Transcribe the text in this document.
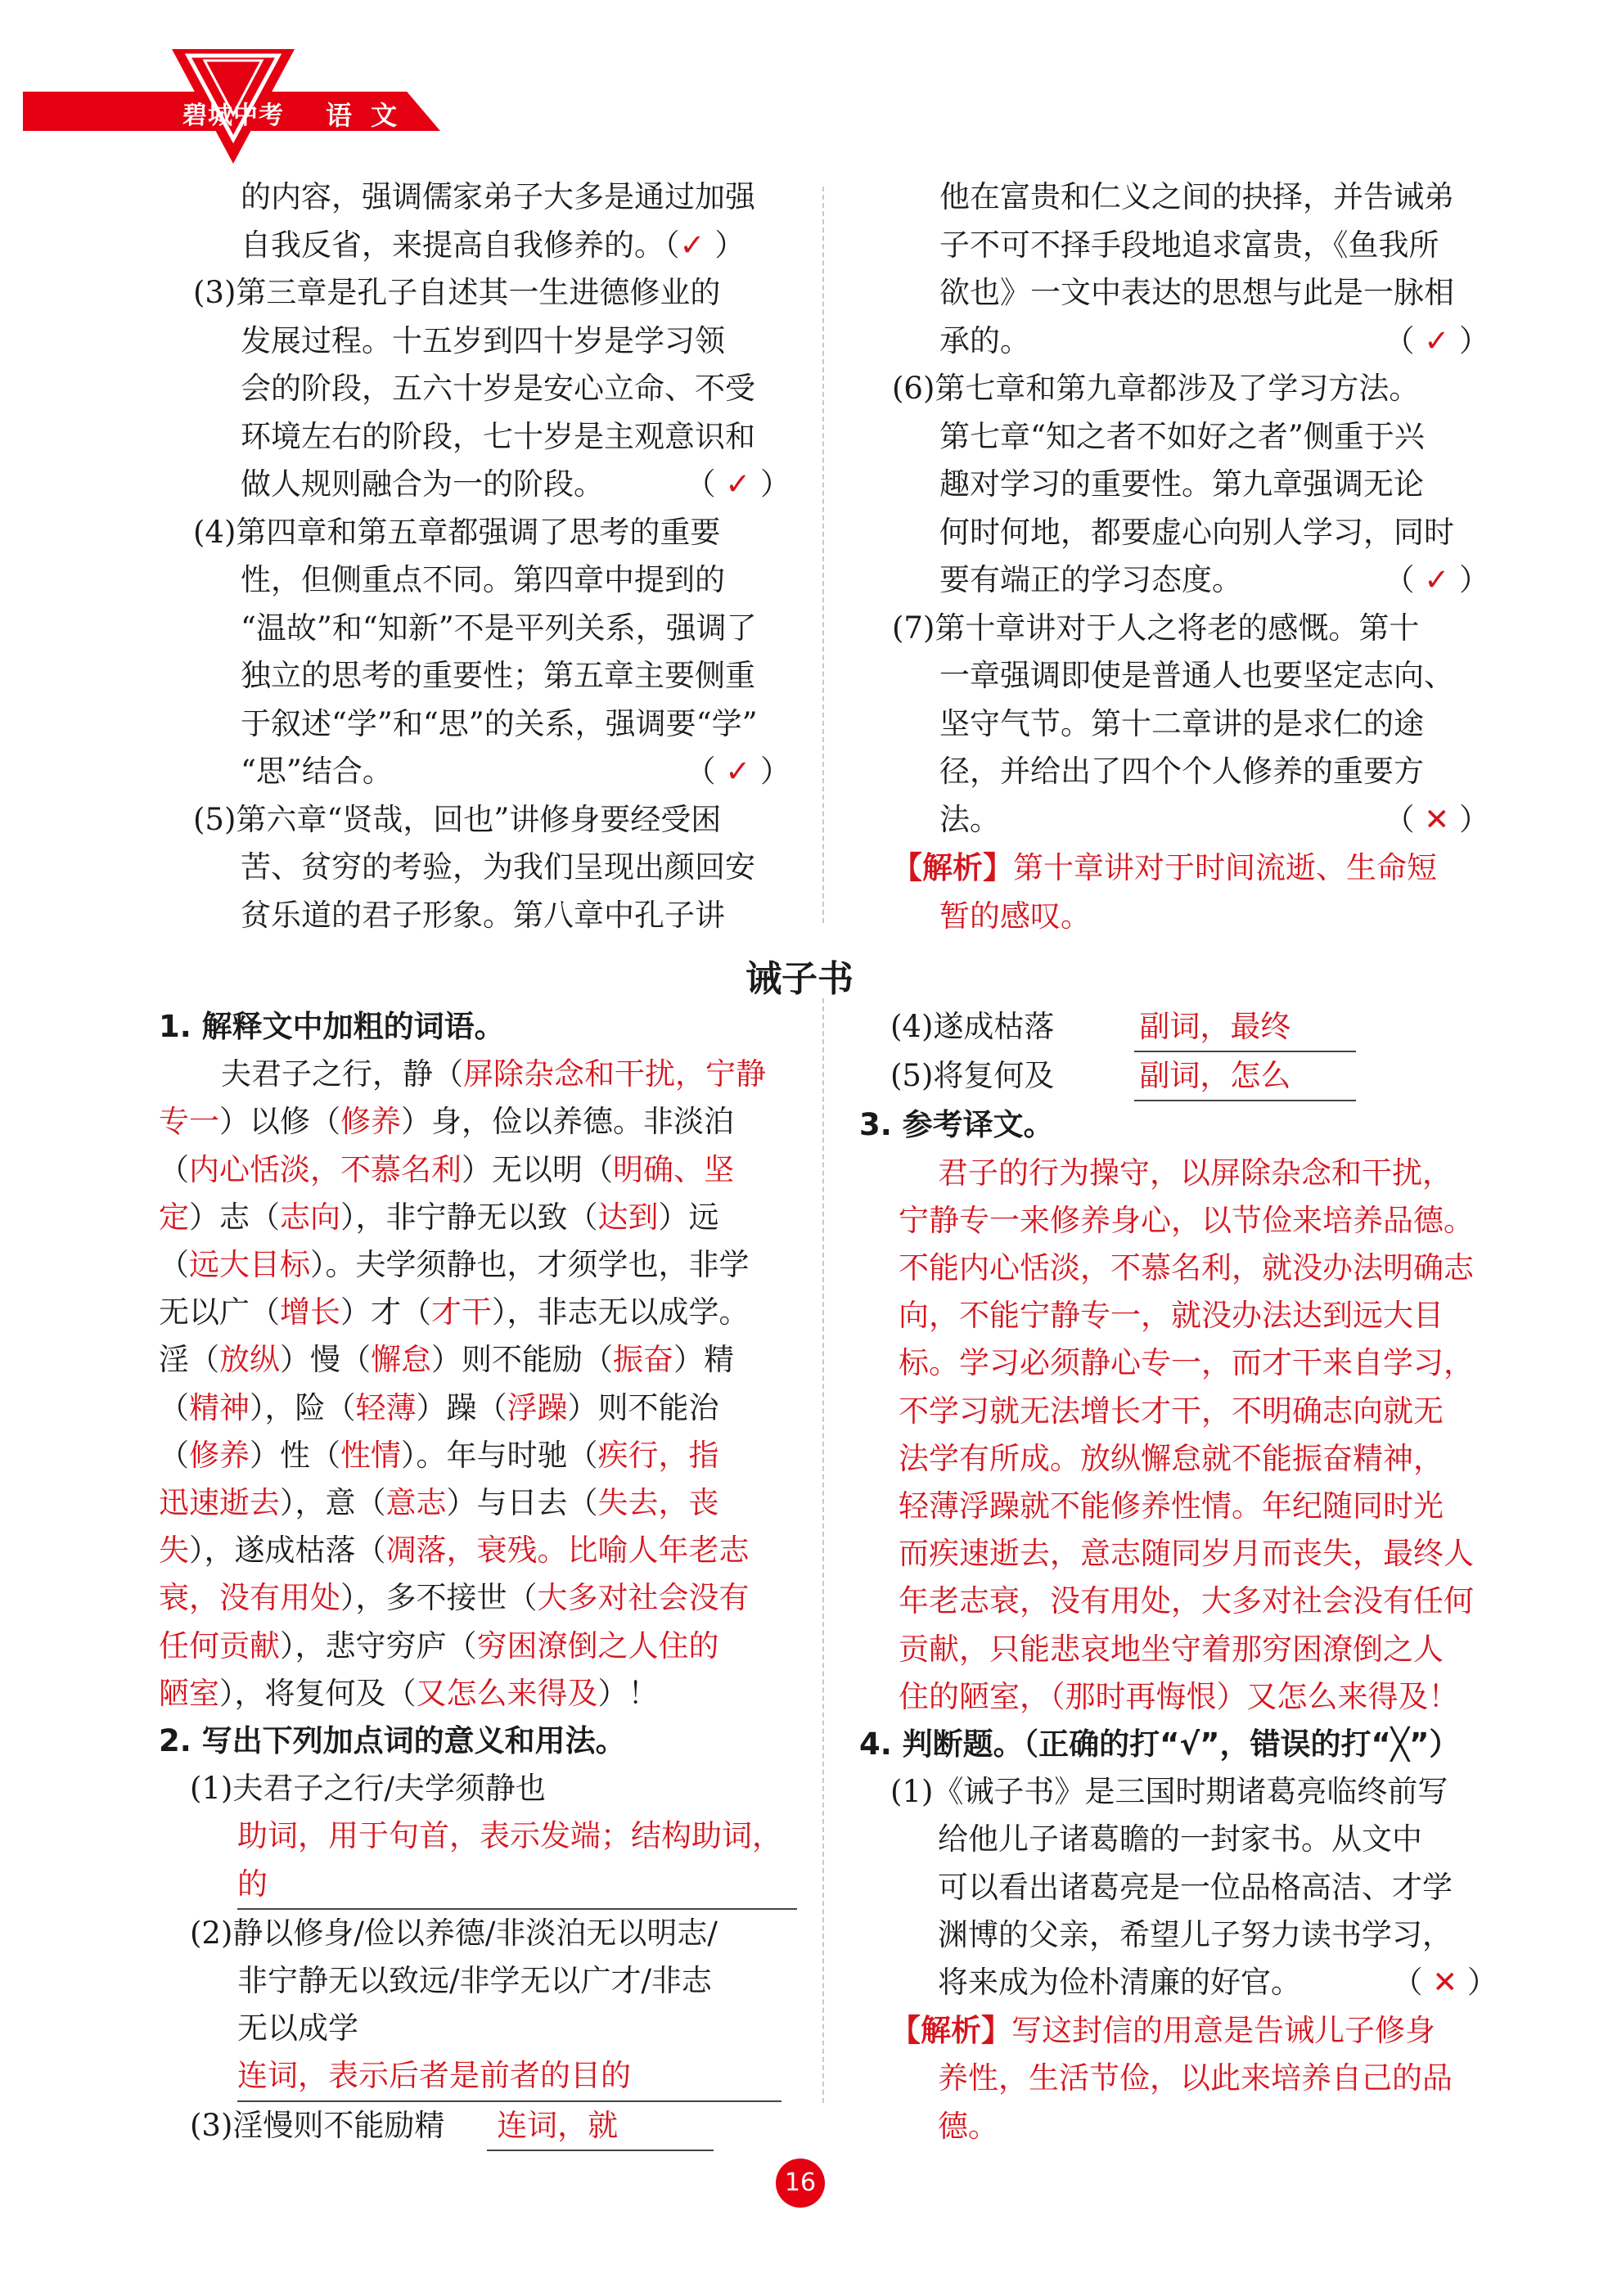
碧城中考	语 文

的内容，强调儒家弟子大多是通过加强

自我反省，来提高自我修养的。（✓ ）

(3)第三章是孔子自述其一生进德修业的

发展过程。十五岁到四十岁是学习领

会的阶段，五六十岁是安心立命、不受

环境左右的阶段，七十岁是主观意识和

做人规则融合为一的阶段。	（ ✓ ）

(4)第四章和第五章都强调了思考的重要

性，但侧重点不同。第四章中提到的

“温故”和“知新”不是平列关系，强调了

独立的思考的重要性；第五章主要侧重

于叙述“学”和“思”的关系，强调要“学”

“思”结合。	（ ✓ ）

(5)第六章“贤哉，回也”讲修身要经受困

苦、贫穷的考验，为我们呈现出颜回安

贫乐道的君子形象。第八章中孔子讲

他在富贵和仁义之间的抉择，并告诫弟

子不可不择手段地追求富贵，《鱼我所

欲也》一文中表达的思想与此是一脉相

承的。	（ ✓ ）

(6)第七章和第九章都涉及了学习方法。

第七章“知之者不如好之者”侧重于兴

趣对学习的重要性。第九章强调无论

何时何地，都要虚心向别人学习，同时

要有端正的学习态度。	（ ✓ ）

(7)第十章讲对于人之将老的感慨。第十

一章强调即使是普通人也要坚定志向、

坚守气节。第十二章讲的是求仁的途

径，并给出了四个个人修养的重要方

法。	（ ✕ ）

【解析】第十章讲对于时间流逝、生命短

暂的感叹。

诫子书

1. 解释文中加粗的词语。

夫君子之行，静（屏除杂念和干扰，宁静

专一）以修（修养）身，俭以养德。非淡泊

（内心恬淡，不慕名利）无以明（明确、坚

定）志（志向），非宁静无以致（达到）远

（远大目标）。夫学须静也，才须学也，非学

无以广（增长）才（才干），非志无以成学。

淫（放纵）慢（懈怠）则不能励（振奋）精

（精神），险（轻薄）躁（浮躁）则不能治

（修养）性（性情）。年与时驰（疾行，指

迅速逝去），意（意志）与日去（失去，丧

失），遂成枯落（凋落，衰残。比喻人年老志

衰，没有用处），多不接世（大多对社会没有

任何贡献），悲守穷庐（穷困潦倒之人住的

陋室），将复何及（又怎么来得及）！

2. 写出下列加点词的意义和用法。

(1)夫君子之行/夫学须静也

助词，用于句首，表示发端；结构助词，的

(2)静以修身/俭以养德/非淡泊无以明志/

非宁静无以致远/非学无以广才/非志

无以成学

连词，表示后者是前者的目的

(3)淫慢则不能励精 连词，就

(4)遂成枯落	副词，最终

(5)将复何及	副词，怎么

3. 参考译文。

君子的行为操守，以屏除杂念和干扰，

宁静专一来修养身心，以节俭来培养品德。

不能内心恬淡，不慕名利，就没办法明确志

向，不能宁静专一，就没办法达到远大目

标。学习必须静心专一，而才干来自学习，

不学习就无法增长才干，不明确志向就无

法学有所成。放纵懈怠就不能振奋精神，

轻薄浮躁就不能修养性情。年纪随同时光

而疾速逝去，意志随同岁月而丧失，最终人

年老志衰，没有用处，大多对社会没有任何

贡献，只能悲哀地坐守着那穷困潦倒之人

住的陋室，（那时再悔恨）又怎么来得及！

4. 判断题。（正确的打“√”，错误的打“╳”）

(1)《诫子书》是三国时期诸葛亮临终前写

给他儿子诸葛瞻的一封家书。从文中

可以看出诸葛亮是一位品格高洁、才学

渊博的父亲，希望儿子努力读书学习，

将来成为俭朴清廉的好官。	（ ✕ ）

【解析】写这封信的用意是告诫儿子修身

养性，生活节俭，以此来培养自己的品德。

16
